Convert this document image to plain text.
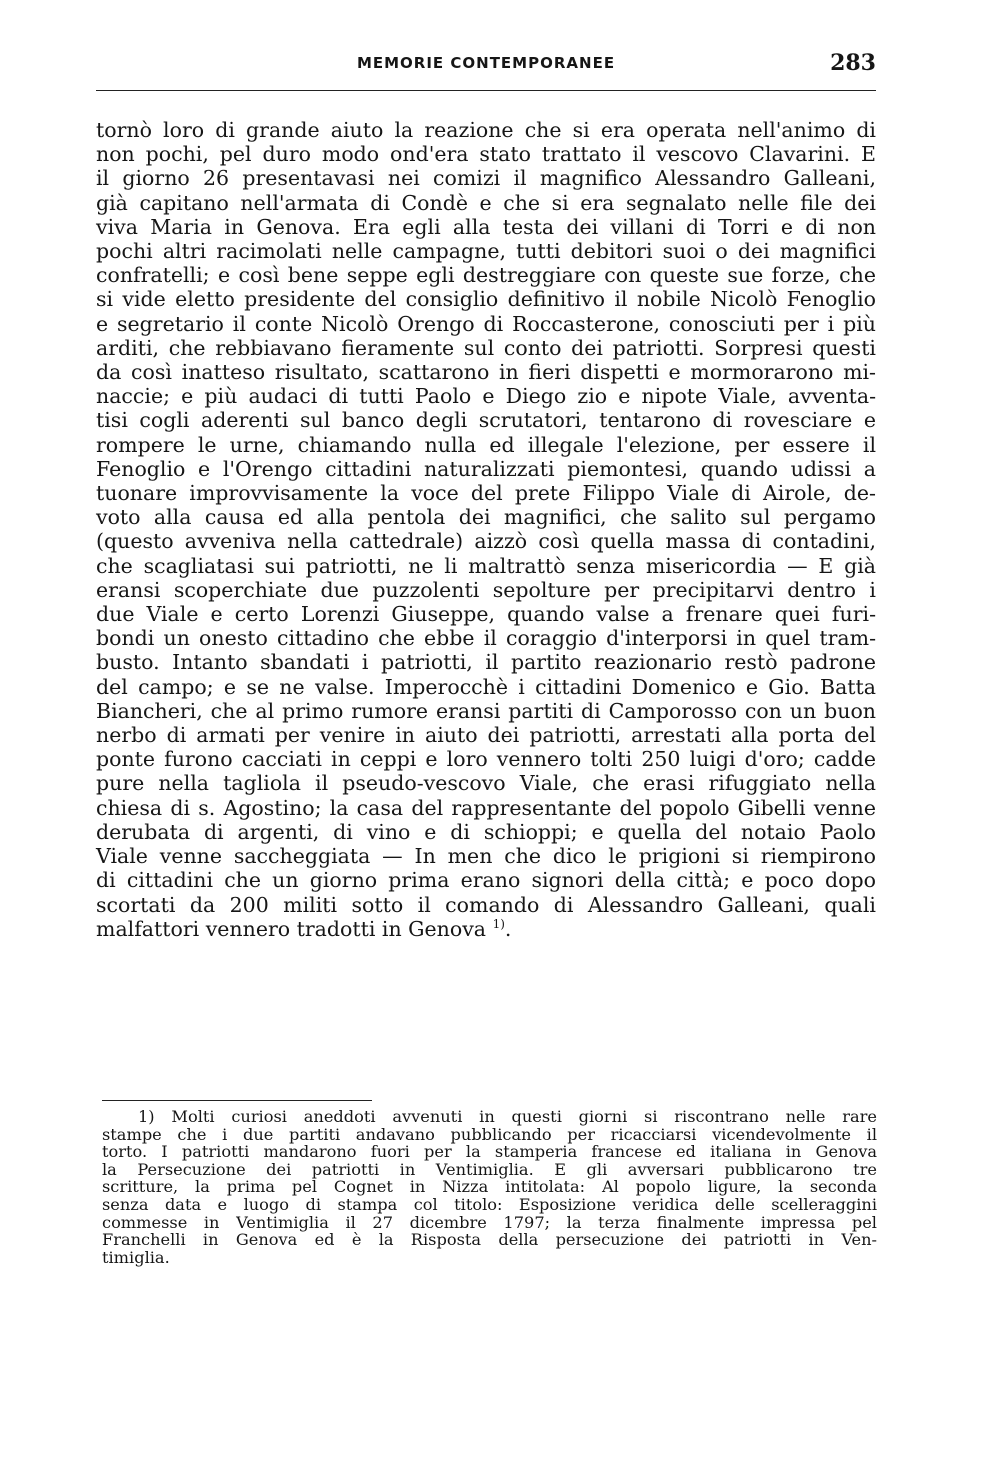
MEMORIE CONTEMPORANEE	283
tornò loro di grande aiuto la reazione che si era operata nell'animo di
non pochi, pel duro modo ond'era stato trattato il vescovo Clavarini. E
il giorno 26 presentavasi nei comizi il magnifico Alessandro Galleani,
già capitano nell'armata di Condè e che si era segnalato nelle file dei
viva Maria in Genova. Era egli alla testa dei villani di Torri e di non
pochi altri racimolati nelle campagne, tutti debitori suoi o dei magnifici
confratelli; e così bene seppe egli destreggiare con queste sue forze, che
si vide eletto presidente del consiglio definitivo il nobile Nicolò Fenoglio
e segretario il conte Nicolò Orengo di Roccasterone, conosciuti per i più
arditi, che rebbiavano fieramente sul conto dei patriotti. Sorpresi questi
da così inatteso risultato, scattarono in fieri dispetti e mormorarono mi-
naccie; e più audaci di tutti Paolo e Diego zio e nipote Viale, avventa-
tisi cogli aderenti sul banco degli scrutatori, tentarono di rovesciare e
rompere le urne, chiamando nulla ed illegale l'elezione, per essere il
Fenoglio e l'Orengo cittadini naturalizzati piemontesi, quando udissi a
tuonare improvvisamente la voce del prete Filippo Viale di Airole, de-
voto alla causa ed alla pentola dei magnifici, che salito sul pergamo
(questo avveniva nella cattedrale) aizzò così quella massa di contadini,
che scagliatasi sui patriotti, ne li maltrattò senza misericordia — E già
eransi scoperchiate due puzzolenti sepolture per precipitarvi dentro i
due Viale e certo Lorenzi Giuseppe, quando valse a frenare quei furi-
bondi un onesto cittadino che ebbe il coraggio d'interporsi in quel tram-
busto. Intanto sbandati i patriotti, il partito reazionario restò padrone
del campo; e se ne valse. Imperocchè i cittadini Domenico e Gio. Batta
Biancheri, che al primo rumore eransi partiti di Camporosso con un buon
nerbo di armati per venire in aiuto dei patriotti, arrestati alla porta del
ponte furono cacciati in ceppi e loro vennero tolti 250 luigi d'oro; cadde
pure nella tagliola il pseudo-vescovo Viale, che erasi rifuggiato nella
chiesa di s. Agostino; la casa del rappresentante del popolo Gibelli venne
derubata di argenti, di vino e di schioppi; e quella del notaio Paolo
Viale venne saccheggiata — In men che dico le prigioni si riempirono
di cittadini che un giorno prima erano signori della città; e poco dopo
scortati da 200 militi sotto il comando di Alessandro Galleani, quali
malfattori vennero tradotti in Genova $^{1)}$.
1) Molti curiosi aneddoti avvenuti in questi giorni si riscontrano nelle rare
stampe che i due partiti andavano pubblicando per ricacciarsi vicendevolmente il
torto. I patriotti mandarono fuori per la stamperia francese ed italiana in Genova
la Persecuzione dei patriotti in Ventimiglia. E gli avversari pubblicarono tre
scritture, la prima pel Cognet in Nizza intitolata: Al popolo ligure, la seconda
senza data e luogo di stampa col titolo: Esposizione veridica delle scelleraggini
commesse in Ventimiglia il 27 dicembre 1797; la terza finalmente impressa pel
Franchelli in Genova ed è la Risposta della persecuzione dei patriotti in Ven-
timiglia.
